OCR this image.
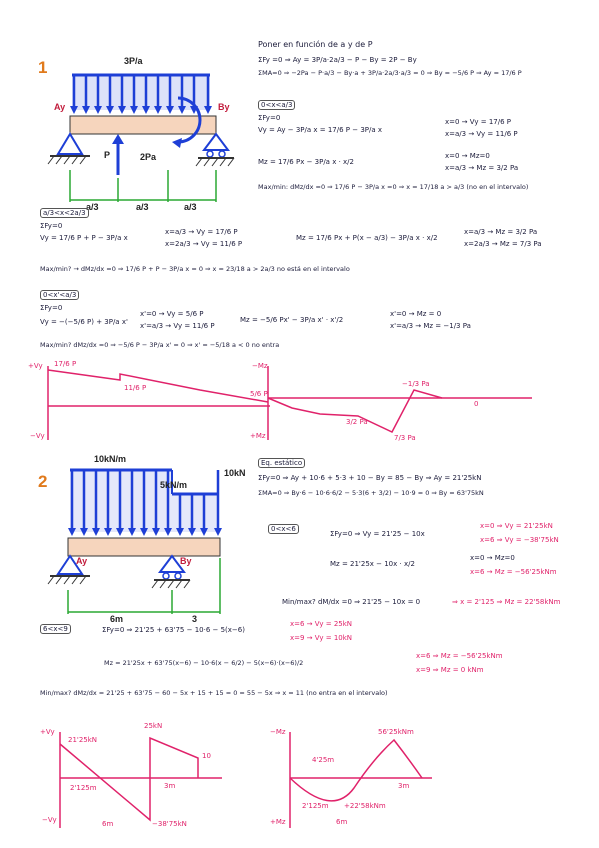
1	3P/a
Ay	By
P	2Pa
a/3	a/3	a/3
Poner en función de a y de P
ΣFy =0 ⇒ Ay = 3P/a·2a/3 − P − By = 2P − By
ΣMA=0 ⇒ −2Pa − P·a/3 − By·a + 3P/a·2a/3·a/3 = 0 ⇒ By = −5/6 P ⇒ Ay = 17/6 P
0<x<a/3
ΣFy=0
Vy = Ay − 3P/a x = 17/6 P − 3P/a x
x=0 → Vy = 17/6 P
x=a/3 → Vy = 11/6 P
Mz = 17/6 Px − 3P/a x · x/2
x=0 → Mz=0
x=a/3 → Mz = 3/2 Pa
Max/min: dMz/dx =0 ⇒ 17/6 P − 3P/a x =0 ⇒ x = 17/18 a > a/3 (no en el intervalo)
a/3<x<2a/3
ΣFy=0
Vy = 17/6 P + P − 3P/a x
x=a/3 → Vy = 17/6 P
x=2a/3 → Vy = 11/6 P
Mz = 17/6 Px + P(x − a/3) − 3P/a x · x/2
x=a/3 → Mz = 3/2 Pa
x=2a/3 → Mz = 7/3 Pa
Max/min? → dMz/dx =0 ⇒ 17/6 P + P − 3P/a x = 0 ⇒ x = 23/18 a > 2a/3 no está en el intervalo
0<x'<a/3
ΣFy=0
Vy = −(−5/6 P) + 3P/a x'
x'=0 → Vy = 5/6 P
x'=a/3 → Vy = 11/6 P
Mz = −5/6 Px' − 3P/a x' · x'/2
x'=0 → Mz = 0
x'=a/3 → Mz = −1/3 Pa
Max/min? dMz/dx =0 ⇒ −5/6 P − 3P/a x' = 0 ⇒ x' = −5/18 a < 0 no entra
+Vy
−Vy
17/6 P
11/6 P
5/6 P
−Mz
+Mz
3/2 Pa
7/3 Pa
−1/3 Pa
0
2
10kN/m
5kN/m
10kN
Ay	By
6m	3
Eq. estático
ΣFy=0 ⇒ Ay + 10·6 + 5·3 + 10 − By = 85 − By ⇒ Ay = 21'25kN
ΣMA=0 ⇒ By·6 − 10·6·6/2 − 5·3(6 + 3/2) − 10·9 = 0 ⇒ By = 63'75kN
0<x<6
ΣFy=0 ⇒ Vy = 21'25 − 10x
x=0 ⇒ Vy = 21'25kN
x=6 ⇒ Vy = −38'75kN
Mz = 21'25x − 10x · x/2
x=0 → Mz=0
x=6 → Mz = −56'25kNm
Min/max? dM/dx =0 ⇒ 21'25 − 10x = 0	⇒ x = 2'125 ⇒ Mz = 22'58kNm
6<x<9	ΣFy=0 ⇒ 21'25 + 63'75 − 10·6 − 5(x−6)
x=6 → Vy = 25kN
x=9 → Vy = 10kN
Mz = 21'25x + 63'75(x−6) − 10·6(x − 6/2) − 5(x−6)·(x−6)/2
x=6 ⇒ Mz = −56'25kNm
x=9 ⇒ Mz = 0 kNm
Min/max? dMz/dx = 21'25 + 63'75 − 60 − 5x + 15 + 15 = 0 = 55 − 5x ⇒ x = 11 (no entra en el intervalo)
+Vy
−Vy
21'25kN
25kN
10
2'125m	3m
6m	−38'75kN
−Mz
+Mz
56'25kNm
4'25m
3m
2'125m +22'58kNm
6m
